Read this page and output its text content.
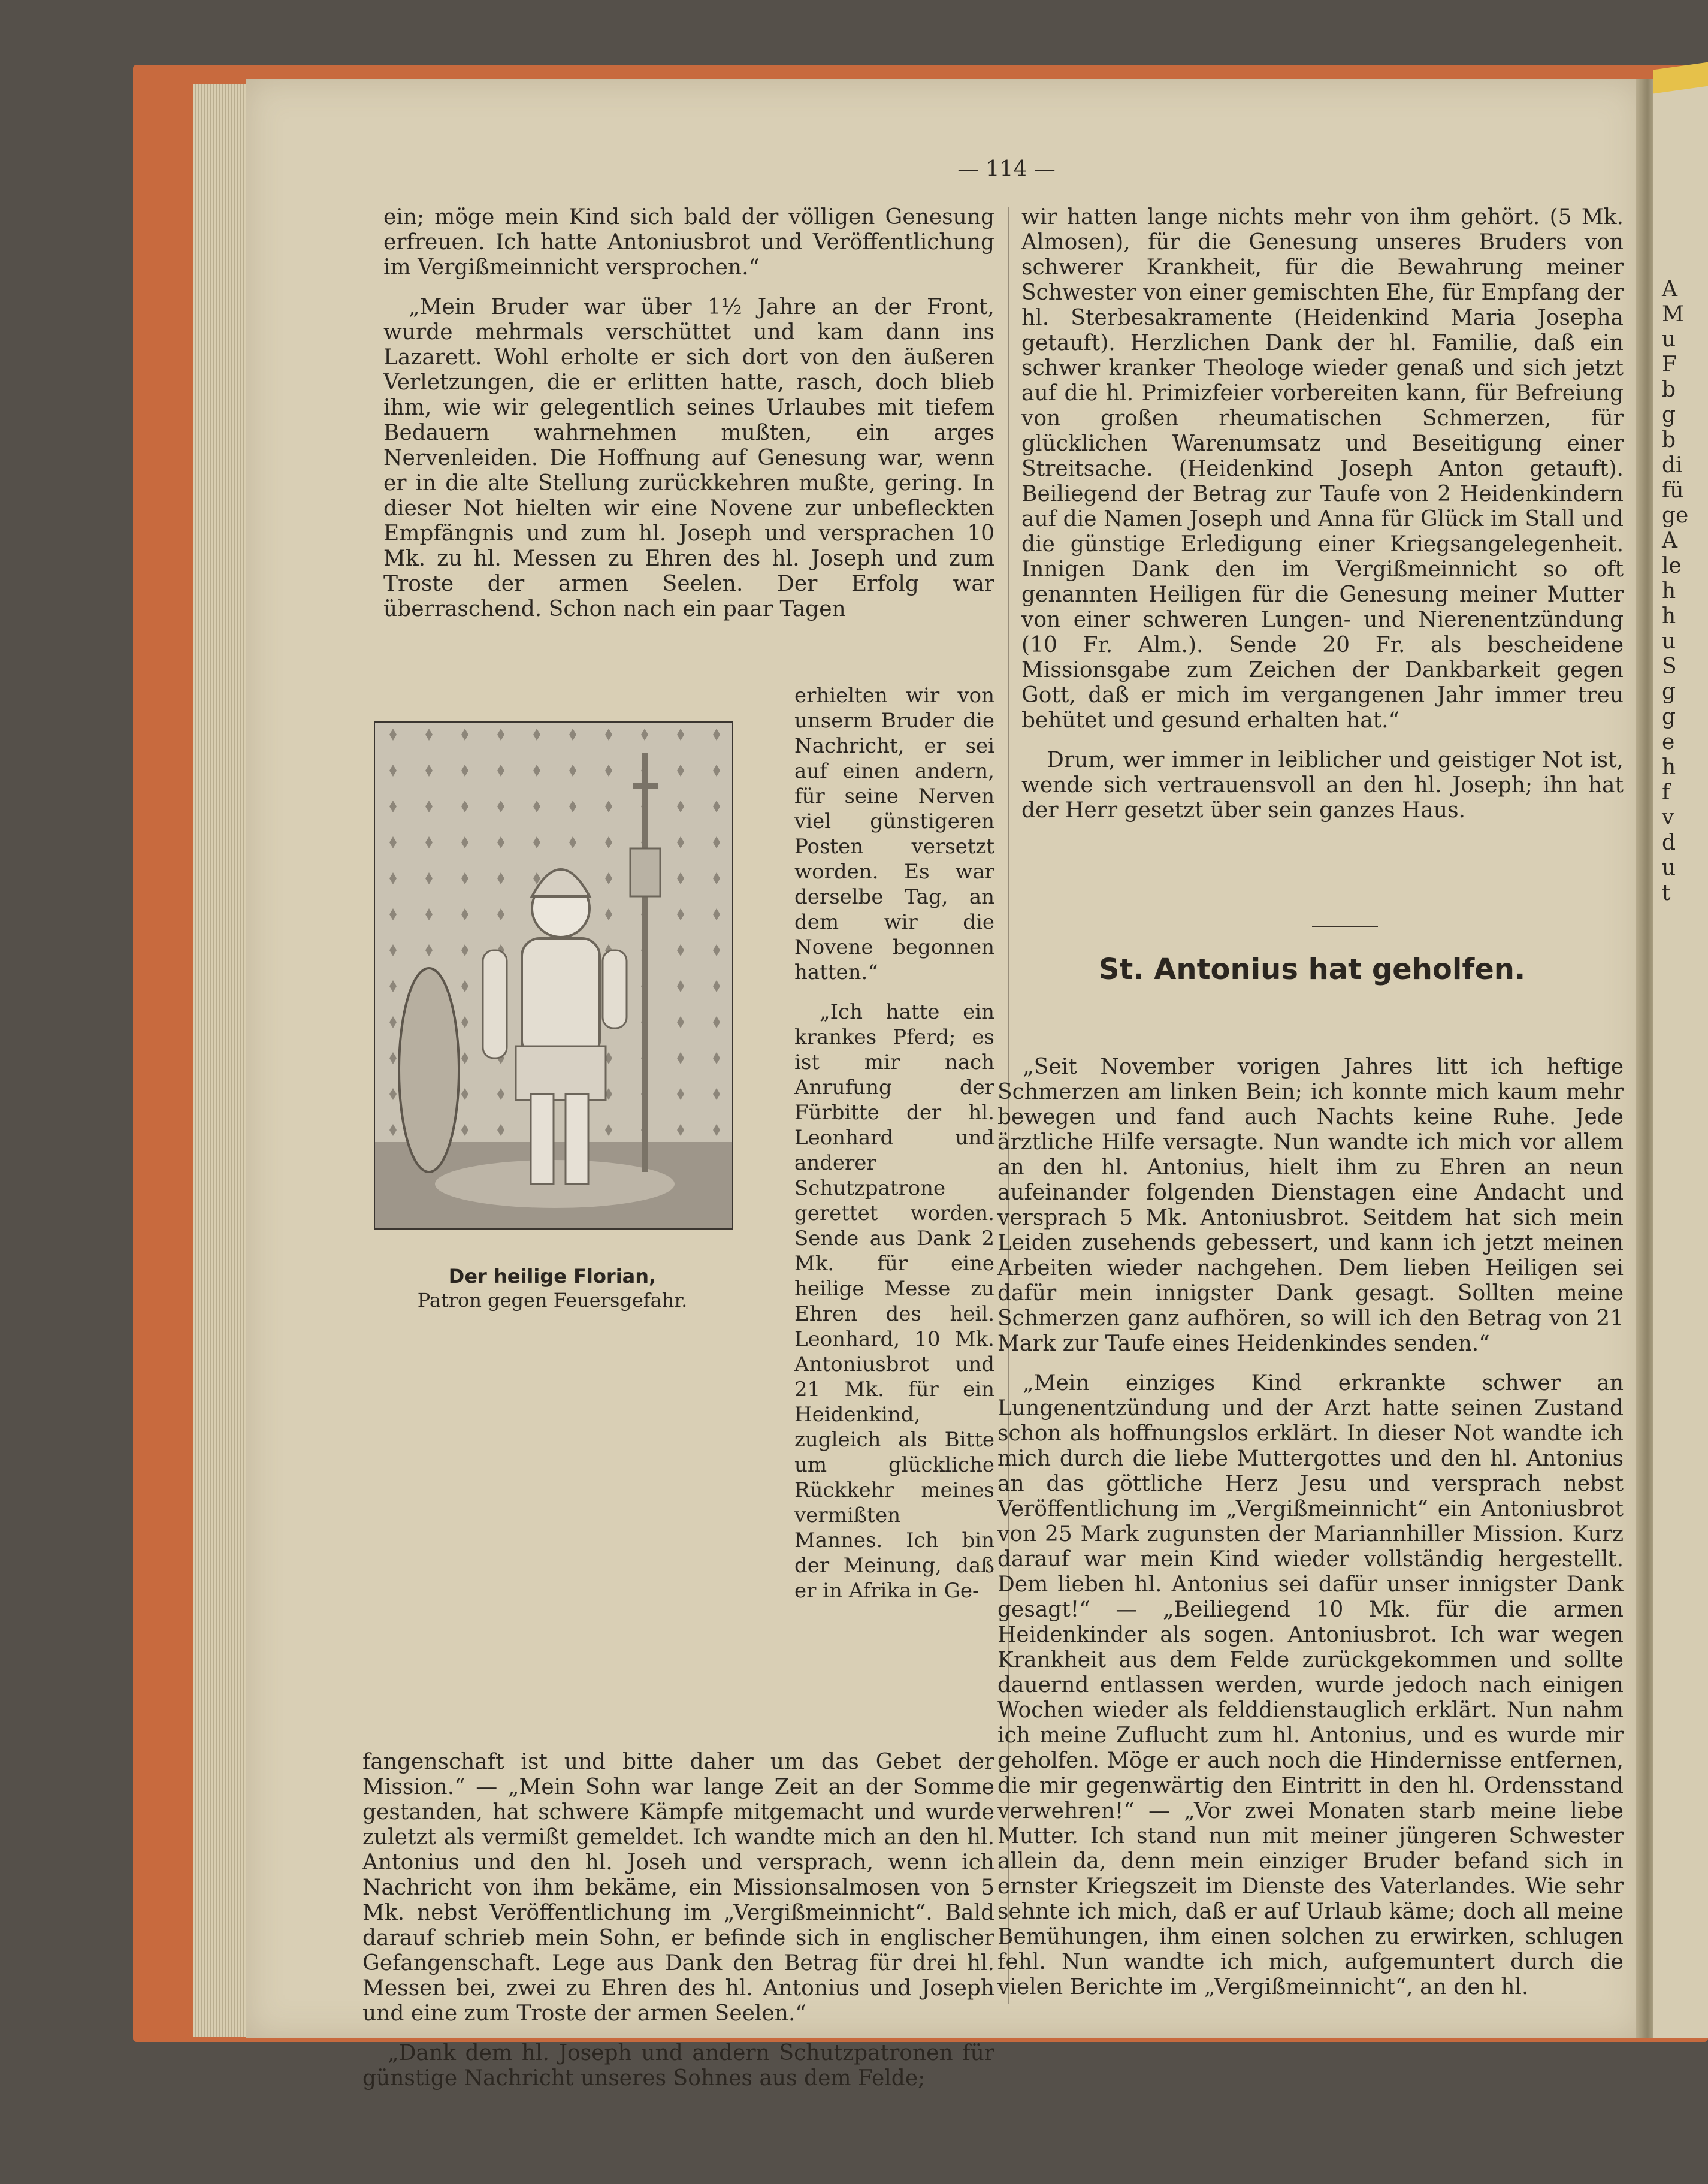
A
M
u
F
b
g
b
di
fü
ge
A
le
h
h
u
S
g
g
e
h
f
v
d
u
t
— 114 —

ein; möge mein Kind sich bald der völligen Genesung erfreuen. Ich hatte Antoniusbrot und Veröffentlichung im Vergißmeinnicht versprochen.“

„Mein Bruder war über 1½ Jahre an der Front, wurde mehrmals verschüttet und kam dann ins Lazarett. Wohl erholte er sich dort von den äußeren Verletzungen, die er erlitten hatte, rasch, doch blieb ihm, wie wir gelegentlich seines Urlaubes mit tiefem Bedauern wahrnehmen mußten, ein arges Nervenleiden. Die Hoffnung auf Genesung war, wenn er in die alte Stellung zurückkehren mußte, gering. In dieser Not hielten wir eine Novene zur unbefleckten Empfängnis und zum hl. Joseph und versprachen 10 Mk. zu hl. Messen zu Ehren des hl. Joseph und zum Troste der armen Seelen. Der Erfolg war überraschend. Schon nach ein paar Tagen

Der heilige Florian,
Patron gegen Feuersgefahr.

erhielten wir von unserm Bruder die Nachricht, er sei auf einen andern, für seine Nerven viel günstigeren Posten versetzt worden. Es war derselbe Tag, an dem wir die Novene begonnen hatten.“

„Ich hatte ein krankes Pferd; es ist mir nach Anrufung der Fürbitte der hl. Leonhard und anderer Schutzpatrone gerettet worden. Sende aus Dank 2 Mk. für eine heilige Messe zu Ehren des heil. Leonhard, 10 Mk. Antoniusbrot und 21 Mk. für ein Heidenkind, zugleich als Bitte um glückliche Rückkehr meines vermißten Mannes. Ich bin der Meinung, daß er in Afrika in Ge-

fangenschaft ist und bitte daher um das Gebet der Mission.“ — „Mein Sohn war lange Zeit an der Somme gestanden, hat schwere Kämpfe mitgemacht und wurde zuletzt als vermißt gemeldet. Ich wandte mich an den hl. Antonius und den hl. Joseh und versprach, wenn ich Nachricht von ihm bekäme, ein Missionsalmosen von 5 Mk. nebst Veröffentlichung im „Vergißmeinnicht“. Bald darauf schrieb mein Sohn, er befinde sich in englischer Gefangenschaft. Lege aus Dank den Betrag für drei hl. Messen bei, zwei zu Ehren des hl. Antonius und Joseph und eine zum Troste der armen Seelen.“

„Dank dem hl. Joseph und andern Schutzpatronen für günstige Nachricht unseres Sohnes aus dem Felde;

wir hatten lange nichts mehr von ihm gehört. (5 Mk. Almosen), für die Genesung unseres Bruders von schwerer Krankheit, für die Bewahrung meiner Schwester von einer gemischten Ehe, für Empfang der hl. Sterbesakramente (Heidenkind Maria Josepha getauft). Herzlichen Dank der hl. Familie, daß ein schwer kranker Theologe wieder genaß und sich jetzt auf die hl. Primizfeier vorbereiten kann, für Befreiung von großen rheumatischen Schmerzen, für glücklichen Warenumsatz und Beseitigung einer Streitsache. (Heidenkind Joseph Anton getauft). Beiliegend der Betrag zur Taufe von 2 Heidenkindern auf die Namen Joseph und Anna für Glück im Stall und die günstige Erledigung einer Kriegsangelegenheit. Innigen Dank den im Vergißmeinnicht so oft genannten Heiligen für die Genesung meiner Mutter von einer schweren Lungen- und Nierenentzündung (10 Fr. Alm.). Sende 20 Fr. als bescheidene Missionsgabe zum Zeichen der Dankbarkeit gegen Gott, daß er mich im vergangenen Jahr immer treu behütet und gesund erhalten hat.“

Drum, wer immer in leiblicher und geistiger Not ist, wende sich vertrauensvoll an den hl. Joseph; ihn hat der Herr gesetzt über sein ganzes Haus.

St. Antonius hat geholfen.

„Seit November vorigen Jahres litt ich heftige Schmerzen am linken Bein; ich konnte mich kaum mehr bewegen und fand auch Nachts keine Ruhe. Jede ärztliche Hilfe versagte. Nun wandte ich mich vor allem an den hl. Antonius, hielt ihm zu Ehren an neun aufeinander folgenden Dienstagen eine Andacht und versprach 5 Mk. Antoniusbrot. Seitdem hat sich mein Leiden zusehends gebessert, und kann ich jetzt meinen Arbeiten wieder nachgehen. Dem lieben Heiligen sei dafür mein innigster Dank gesagt. Sollten meine Schmerzen ganz aufhören, so will ich den Betrag von 21 Mark zur Taufe eines Heidenkindes senden.“

„Mein einziges Kind erkrankte schwer an Lungenentzündung und der Arzt hatte seinen Zustand schon als hoffnungslos erklärt. In dieser Not wandte ich mich durch die liebe Muttergottes und den hl. Antonius an das göttliche Herz Jesu und versprach nebst Veröffentlichung im „Vergißmeinnicht“ ein Antoniusbrot von 25 Mark zugunsten der Mariannhiller Mission. Kurz darauf war mein Kind wieder vollständig hergestellt. Dem lieben hl. Antonius sei dafür unser innigster Dank gesagt!“ — „Beiliegend 10 Mk. für die armen Heidenkinder als sogen. Antoniusbrot. Ich war wegen Krankheit aus dem Felde zurückgekommen und sollte dauernd entlassen werden, wurde jedoch nach einigen Wochen wieder als felddienstauglich erklärt. Nun nahm ich meine Zuflucht zum hl. Antonius, und es wurde mir geholfen. Möge er auch noch die Hindernisse entfernen, die mir gegenwärtig den Eintritt in den hl. Ordensstand verwehren!“ — „Vor zwei Monaten starb meine liebe Mutter. Ich stand nun mit meiner jüngeren Schwester allein da, denn mein einziger Bruder befand sich in ernster Kriegszeit im Dienste des Vaterlandes. Wie sehr sehnte ich mich, daß er auf Urlaub käme; doch all meine Bemühungen, ihm einen solchen zu erwirken, schlugen fehl. Nun wandte ich mich, aufgemuntert durch die vielen Berichte im „Vergißmeinnicht“, an den hl.
